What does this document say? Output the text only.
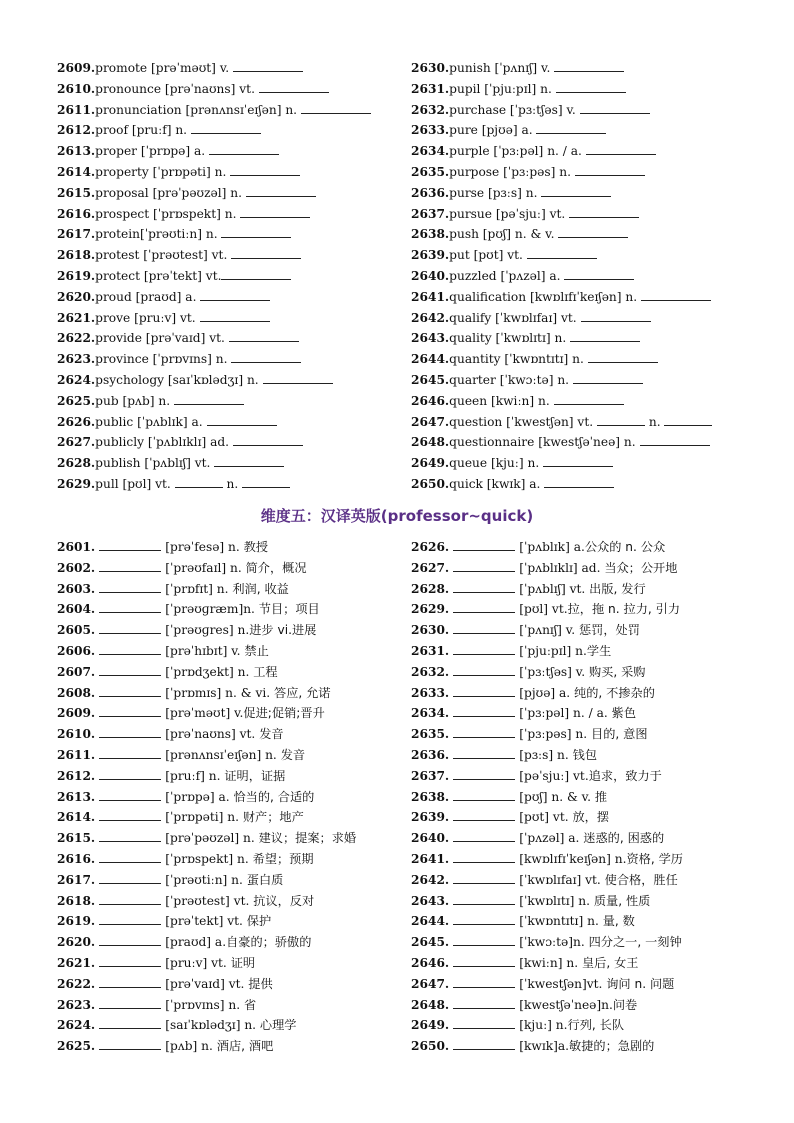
2609.promote [prəˈməʊt] v.
2610.pronounce [prəˈnaʊns] vt.
2611.pronunciation [prənʌnsɪˈeɪʃən] n.
2612.proof [pruːf] n.
2613.proper [ˈprɒpə] a.
2614.property [ˈprɒpəti] n.
2615.proposal [prəˈpəʊzəl] n.
2616.prospect [ˈprɒspekt] n.
2617.protein[ˈprəʊtiːn] n.
2618.protest [ˈprəʊtest] vt.
2619.protect [prəˈtekt] vt.
2620.proud [praʊd] a.
2621.prove [pruːv] vt.
2622.provide [prəˈvaɪd] vt.
2623.province [ˈprɒvɪns] n.
2624.psychology [saɪˈkɒlədʒɪ] n.
2625.pub [pʌb] n.
2626.public [ˈpʌblɪk] a.
2627.publicly [ˈpʌblɪklɪ] ad.
2628.publish [ˈpʌblɪʃ] vt.
2629.pull [pʊl] vt.	n.
2630.punish [ˈpʌnɪʃ] v.
2631.pupil [ˈpjuːpɪl] n.
2632.purchase [ˈpɜːtʃəs] v.
2633.pure [pjʊə] a.
2634.purple [ˈpɜːpəl] n. / a.
2635.purpose [ˈpɜːpəs] n.
2636.purse [pɜːs] n.
2637.pursue [pəˈsjuː] vt.
2638.push [pʊʃ] n. & v.
2639.put [pʊt] vt.
2640.puzzled [ˈpʌzəl] a.
2641.qualification [kwɒlɪfɪˈkeɪʃən] n.
2642.qualify [ˈkwɒlɪfaɪ] vt.
2643.quality [ˈkwɒlɪtɪ] n.
2644.quantity [ˈkwɒntɪtɪ] n.
2645.quarter [ˈkwɔːtə] n.
2646.queen [kwiːn] n.
2647.question [ˈkwestʃən] vt.	n.
2648.questionnaire [kwestʃəˈneə] n.
2649.queue [kjuː] n.
2650.quick [kwɪk] a.
维度五：汉译英版(professor~quick)
2601.	[prəˈfesə] n. 教授
2602.	[ˈprəʊfaɪl] n. 简介，概况
2603.	[ˈprɒfɪt] n. 利润, 收益
2604.	[ˈprəʊɡræm]n. 节目；项目
2605.	[ˈprəʊɡres] n.进步 vi.进展
2606.	[prəˈhɪbɪt] v. 禁止
2607.	[ˈprɒdʒekt] n. 工程
2608.	[ˈprɒmɪs] n. & vi. 答应, 允诺
2609.	[prəˈməʊt] v.促进;促销;晋升
2610.	[prəˈnaʊns] vt. 发音
2611.	[prənʌnsɪˈeɪʃən] n. 发音
2612.	[pruːf] n. 证明，证据
2613.	[ˈprɒpə] a. 恰当的, 合适的
2614.	[ˈprɒpəti] n. 财产；地产
2615.	[prəˈpəʊzəl] n. 建议；提案；求婚
2616.	[ˈprɒspekt] n. 希望；预期
2617.	[ˈprəʊtiːn] n. 蛋白质
2618.	[ˈprəʊtest] vt. 抗议，反对
2619.	[prəˈtekt] vt. 保护
2620.	[praʊd] a.自豪的；骄傲的
2621.	[pruːv] vt. 证明
2622.	[prəˈvaɪd] vt. 提供
2623.	[ˈprɒvɪns] n. 省
2624.	[saɪˈkɒlədʒɪ] n. 心理学
2625.	[pʌb] n. 酒店, 酒吧
2626.	[ˈpʌblɪk] a.公众的 n. 公众
2627.	[ˈpʌblɪklɪ] ad. 当众；公开地
2628.	[ˈpʌblɪʃ] vt. 出版, 发行
2629.	[pʊl] vt.拉，拖 n. 拉力, 引力
2630.	[ˈpʌnɪʃ] v. 惩罚，处罚
2631.	[ˈpjuːpɪl] n.学生
2632.	[ˈpɜːtʃəs] v. 购买, 采购
2633.	[pjʊə] a. 纯的, 不掺杂的
2634.	[ˈpɜːpəl] n. / a. 紫色
2635.	[ˈpɜːpəs] n. 目的, 意图
2636.	[pɜːs] n. 钱包
2637.	[pəˈsjuː] vt.追求，致力于
2638.	[pʊʃ] n. & v. 推
2639.	[pʊt] vt. 放，摆
2640.	[ˈpʌzəl] a. 迷惑的, 困惑的
2641.	[kwɒlɪfɪˈkeɪʃən] n.资格, 学历
2642.	[ˈkwɒlɪfaɪ] vt. 使合格，胜任
2643.	[ˈkwɒlɪtɪ] n. 质量, 性质
2644.	[ˈkwɒntɪtɪ] n. 量, 数
2645.	[ˈkwɔːtə]n. 四分之一, 一刻钟
2646.	[kwiːn] n. 皇后, 女王
2647.	[ˈkwestʃən]vt. 询问 n. 问题
2648.	[kwestʃəˈneə]n.问卷
2649.	[kjuː] n.行列, 长队
2650.	[kwɪk]a.敏捷的；急剧的
